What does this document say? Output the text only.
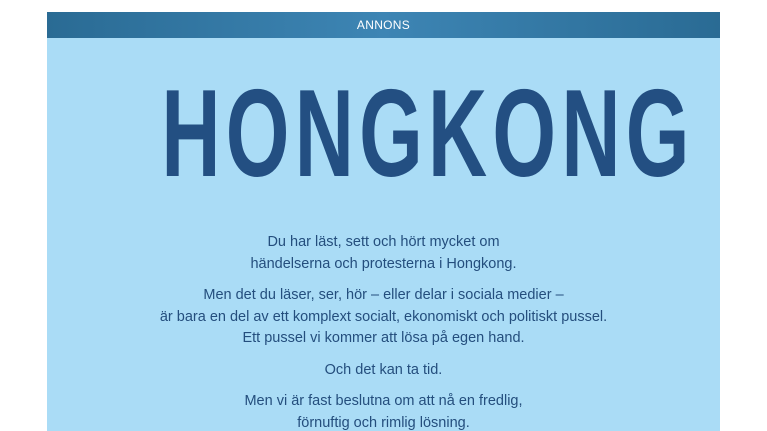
ANNONS
HONGKONG

Du har läst, sett och hört mycket om
händelserna och protesterna i Hongkong.

Men det du läser, ser, hör – eller delar i sociala medier –
är bara en del av ett komplext socialt, ekonomiskt och politiskt pussel.
Ett pussel vi kommer att lösa på egen hand.

Och det kan ta tid.

Men vi är fast beslutna om att nå en fredlig,
förnuftig och rimlig lösning.
